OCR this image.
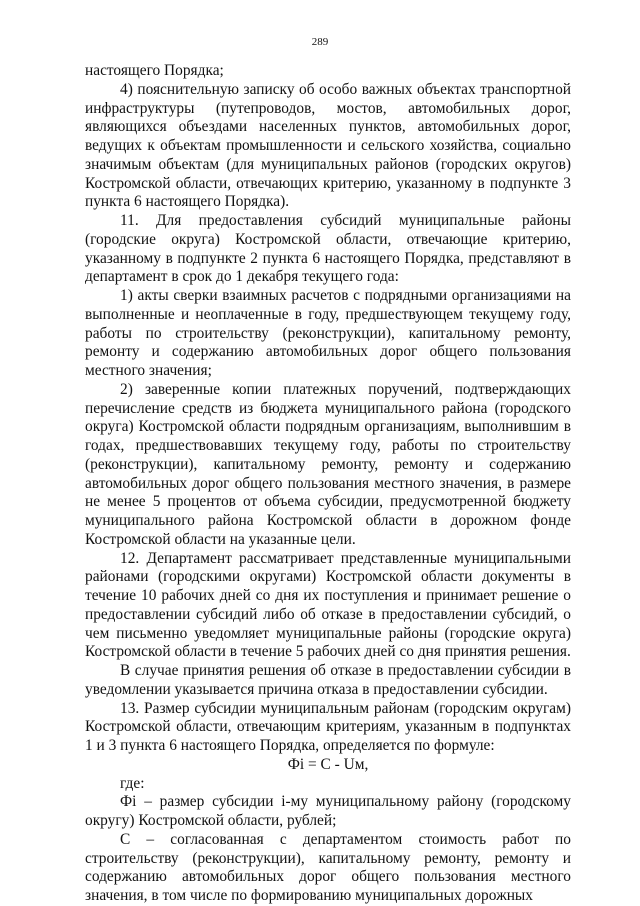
289

настоящего Порядка;

4) пояснительную записку об особо важных объектах транспортной инфраструктуры (путепроводов, мостов, автомобильных дорог, являющихся объездами населенных пунктов, автомобильных дорог, ведущих к объектам промышленности и сельского хозяйства, социально значимым объектам (для муниципальных районов (городских округов) Костромской области, отвечающих критерию, указанному в подпункте 3 пункта 6 настоящего Порядка).

11. Для предоставления субсидий муниципальные районы (городские округа) Костромской области, отвечающие критерию, указанному в подпункте 2 пункта 6 настоящего Порядка, представляют в департамент в срок до 1 декабря текущего года:

1) акты сверки взаимных расчетов с подрядными организациями на выполненные и неоплаченные в году, предшествующем текущему году, работы по строительству (реконструкции), капитальному ремонту, ремонту и содержанию автомобильных дорог общего пользования местного значения;

2) заверенные копии платежных поручений, подтверждающих перечисление средств из бюджета муниципального района (городского округа) Костромской области подрядным организациям, выполнившим в годах, предшествовавших текущему году, работы по строительству (реконструкции), капитальному ремонту, ремонту и содержанию автомобильных дорог общего пользования местного значения, в размере не менее 5 процентов от объема субсидии, предусмотренной бюджету муниципального района Костромской области в дорожном фонде Костромской области на указанные цели.

12. Департамент рассматривает представленные муниципальными районами (городскими округами) Костромской области документы в течение 10 рабочих дней со дня их поступления и принимает решение о предоставлении субсидий либо об отказе в предоставлении субсидий, о чем письменно уведомляет муниципальные районы (городские округа) Костромской области в течение 5 рабочих дней со дня принятия решения.

В случае принятия решения об отказе в предоставлении субсидии в уведомлении указывается причина отказа в предоставлении субсидии.

13. Размер субсидии муниципальным районам (городским округам) Костромской области, отвечающим критериям, указанным в подпунктах 1 и 3 пункта 6 настоящего Порядка, определяется по формуле:

Фi = С - Uм,

где:

Фi – размер субсидии i-му муниципальному району (городскому округу) Костромской области, рублей;

С – согласованная с департаментом стоимость работ по строительству (реконструкции), капитальному ремонту, ремонту и содержанию автомобильных дорог общего пользования местного значения, в том числе по формированию муниципальных дорожных
